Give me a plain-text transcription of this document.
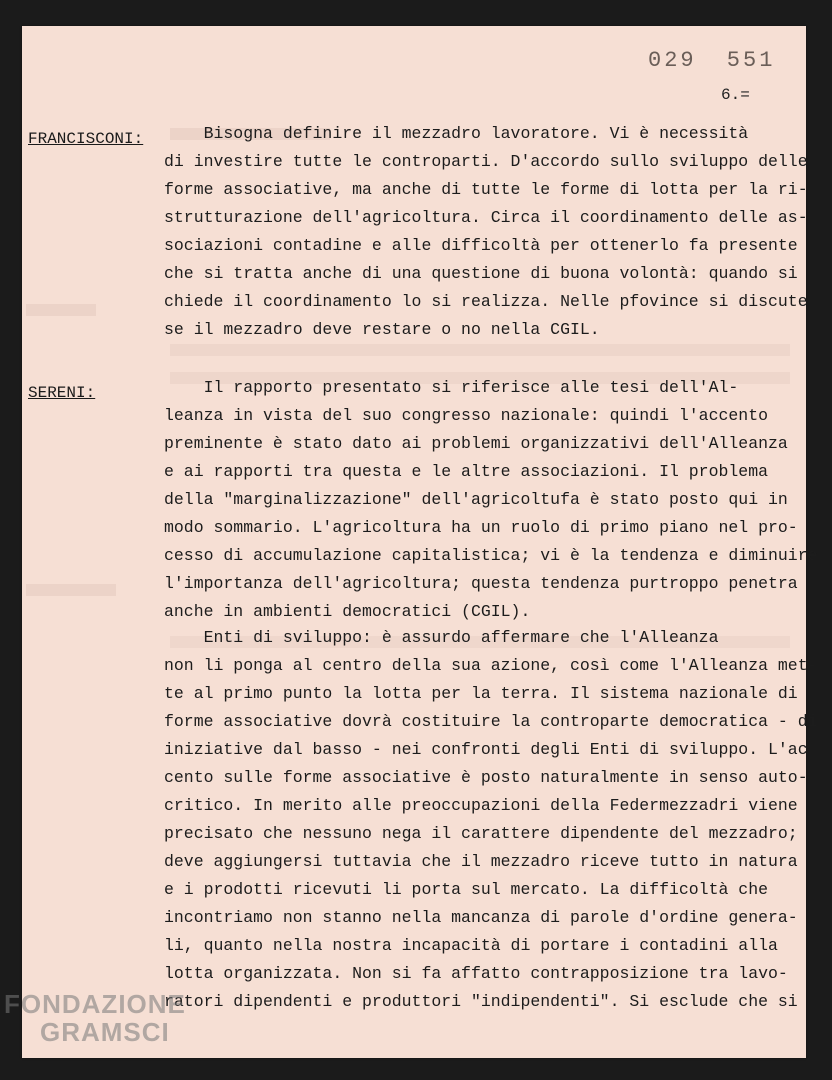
029 551
6.=
FRANCISCONI: Bisogna definire il mezzadro lavoratore. Vi è necessità
di investire tutte le controparti. D'accordo sullo sviluppo delle
forme associative, ma anche di tutte le forme di lotta per la ri-
strutturazione dell'agricoltura. Circa il coordinamento delle as-
sociazioni contadine e alle difficoltà per ottenerlo fa presente
che si tratta anche di una questione di buona volontà: quando si
chiede il coordinamento lo si realizza. Nelle pfovince si discute
se il mezzadro deve restare o no nella CGIL.

SERENI:	Il rapporto presentato si riferisce alle tesi dell'Al-
leanza in vista del suo congresso nazionale: quindi l'accento
preminente è stato dato ai problemi organizzativi dell'Alleanza
e ai rapporti tra questa e le altre associazioni. Il problema
della "marginalizzazione" dell'agricoltufa è stato posto qui in
modo sommario. L'agricoltura ha un ruolo di primo piano nel pro-
cesso di accumulazione capitalistica; vi è la tendenza e diminuire
l'importanza dell'agricoltura; questa tendenza purtroppo penetra
anche in ambienti democratici (CGIL).

Enti di sviluppo: è assurdo affermare che l'Alleanza
non li ponga al centro della sua azione, così come l'Alleanza met-
te al primo punto la lotta per la terra. Il sistema nazionale di
forme associative dovrà costituire la controparte democratica - di
iniziative dal basso - nei confronti degli Enti di sviluppo. L'ac
cento sulle forme associative è posto naturalmente in senso auto-
critico. In merito alle preoccupazioni della Federmezzadri viene
precisato che nessuno nega il carattere dipendente del mezzadro;
deve aggiungersi tuttavia che il mezzadro riceve tutto in natura
e i prodotti ricevuti li porta sul mercato. La difficoltà che
incontriamo non stanno nella mancanza di parole d'ordine genera-
li, quanto nella nostra incapacità di portare i contadini alla
lotta organizzata. Non si fa affatto contrapposizione tra lavo-
ratori dipendenti e produttori "indipendenti". Si esclude che si

FONDAZIONE
GRAMSCI
